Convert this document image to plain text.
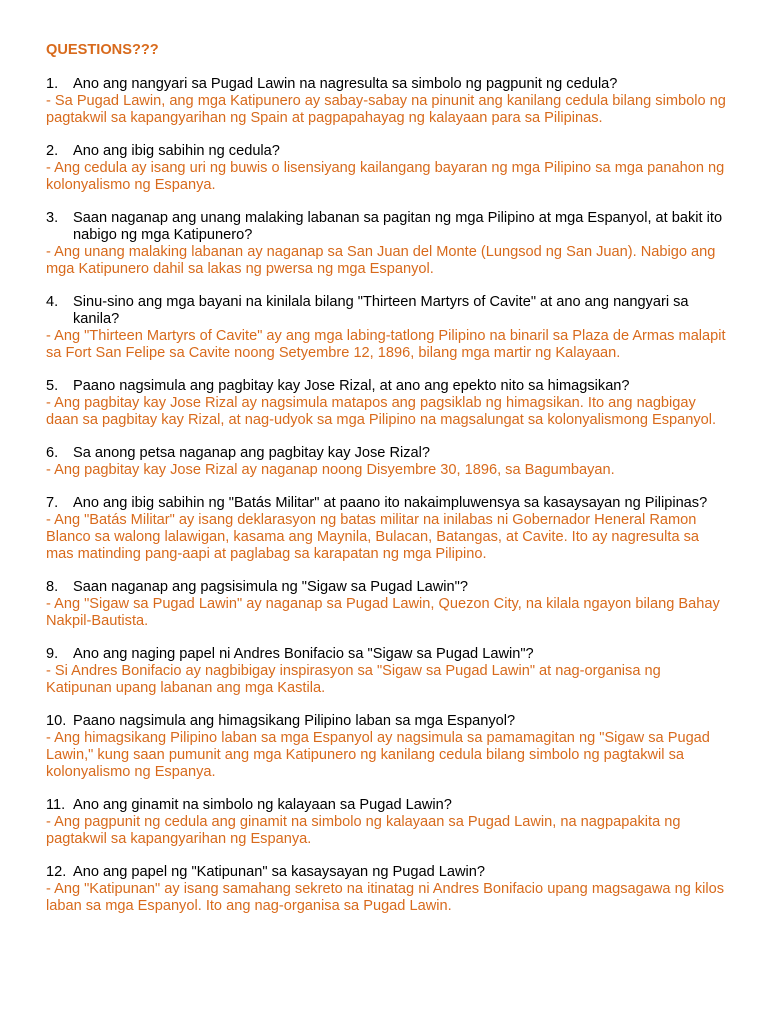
QUESTIONS???
1.	Ano ang nangyari sa Pugad Lawin na nagresulta sa simbolo ng pagpunit ng cedula?
- Sa Pugad Lawin, ang mga Katipunero ay sabay-sabay na pinunit ang kanilang cedula bilang simbolo ng pagtakwil sa kapangyarihan ng Spain at pagpapahayag ng kalayaan para sa Pilipinas.
2.	Ano ang ibig sabihin ng cedula?
- Ang cedula ay isang uri ng buwis o lisensiyang kailangang bayaran ng mga Pilipino sa mga panahon ng kolonyalismo ng Espanya.
3.	Saan naganap ang unang malaking labanan sa pagitan ng mga Pilipino at mga Espanyol, at bakit ito nabigo ng mga Katipunero?
- Ang unang malaking labanan ay naganap sa San Juan del Monte (Lungsod ng San Juan). Nabigo ang mga Katipunero dahil sa lakas ng pwersa ng mga Espanyol.
4.	Sinu-sino ang mga bayani na kinilala bilang "Thirteen Martyrs of Cavite" at ano ang nangyari sa kanila?
- Ang "Thirteen Martyrs of Cavite" ay ang mga labing-tatlong Pilipino na binaril sa Plaza de Armas malapit sa Fort San Felipe sa Cavite noong Setyembre 12, 1896, bilang mga martir ng Kalayaan.
5.	Paano nagsimula ang pagbitay kay Jose Rizal, at ano ang epekto nito sa himagsikan?
- Ang pagbitay kay Jose Rizal ay nagsimula matapos ang pagsiklab ng himagsikan. Ito ang nagbigay daan sa pagbitay kay Rizal, at nag-udyok sa mga Pilipino na magsalungat sa kolonyalismong Espanyol.
6.	Sa anong petsa naganap ang pagbitay kay Jose Rizal?
- Ang pagbitay kay Jose Rizal ay naganap noong Disyembre 30, 1896, sa Bagumbayan.
7.	Ano ang ibig sabihin ng "Batás Militar" at paano ito nakaimpluwensya sa kasaysayan ng Pilipinas?
- Ang "Batás Militar" ay isang deklarasyon ng batas militar na inilabas ni Gobernador Heneral Ramon Blanco sa walong lalawigan, kasama ang Maynila, Bulacan, Batangas, at Cavite. Ito ay nagresulta sa mas matinding pang-aapi at paglabag sa karapatan ng mga Pilipino.
8.	Saan naganap ang pagsisimula ng "Sigaw sa Pugad Lawin"?
- Ang "Sigaw sa Pugad Lawin" ay naganap sa Pugad Lawin, Quezon City, na kilala ngayon bilang Bahay Nakpil-Bautista.
9.	Ano ang naging papel ni Andres Bonifacio sa "Sigaw sa Pugad Lawin"?
- Si Andres Bonifacio ay nagbibigay inspirasyon sa "Sigaw sa Pugad Lawin" at nag-organisa ng Katipunan upang labanan ang mga Kastila.
10. Paano nagsimula ang himagsikang Pilipino laban sa mga Espanyol?
- Ang himagsikang Pilipino laban sa mga Espanyol ay nagsimula sa pamamagitan ng "Sigaw sa Pugad Lawin," kung saan pumunit ang mga Katipunero ng kanilang cedula bilang simbolo ng pagtakwil sa kolonyalismo ng Espanya.
11. Ano ang ginamit na simbolo ng kalayaan sa Pugad Lawin?
- Ang pagpunit ng cedula ang ginamit na simbolo ng kalayaan sa Pugad Lawin, na nagpapakita ng pagtakwil sa kapangyarihan ng Espanya.
12. Ano ang papel ng "Katipunan" sa kasaysayan ng Pugad Lawin?
- Ang "Katipunan" ay isang samahang sekreto na itinatag ni Andres Bonifacio upang magsagawa ng kilos laban sa mga Espanyol. Ito ang nag-organisa sa Pugad Lawin.
